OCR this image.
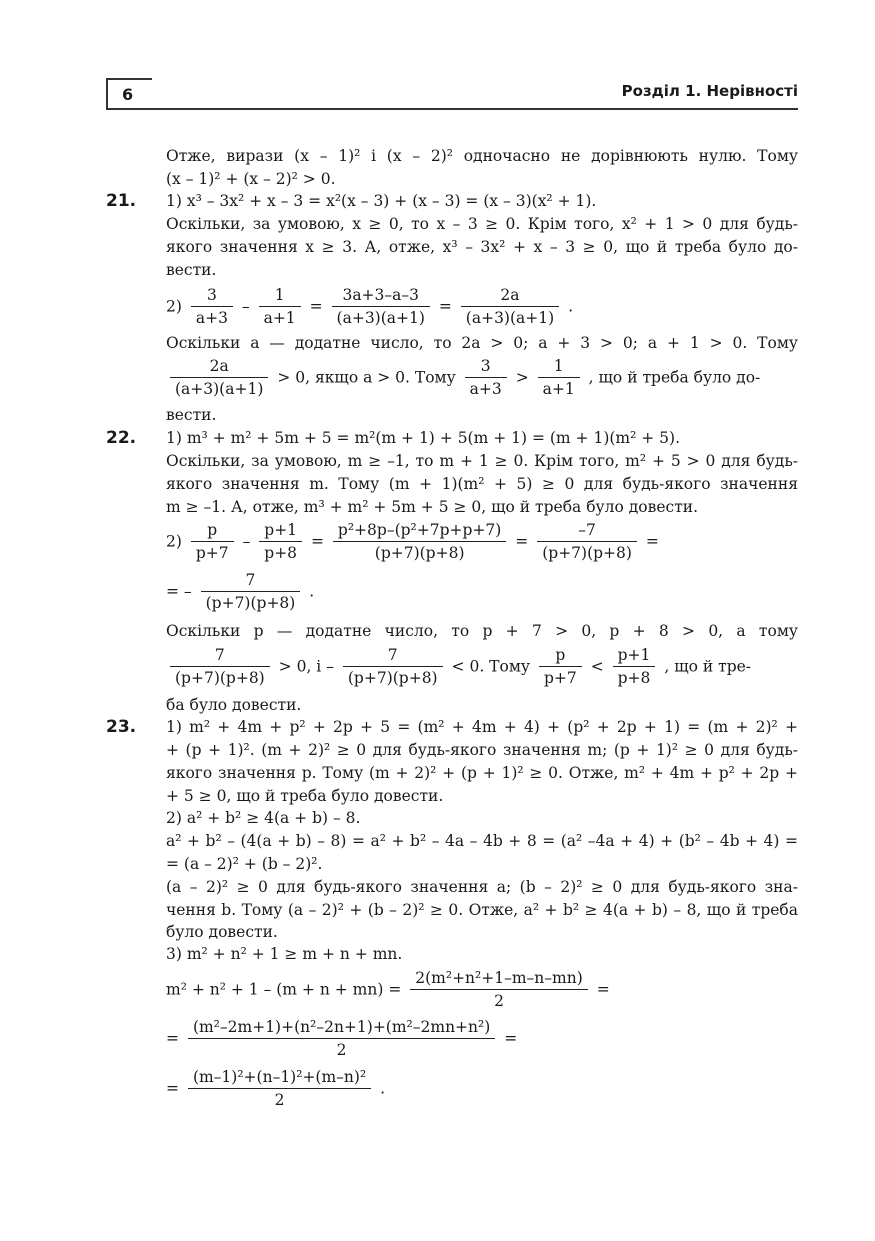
6	Розділ 1. Нерівності
Отже, вирази (x – 1)² і (x – 2)² одночасно не дорівнюють нулю. Тому
(x – 1)² + (x – 2)² > 0.
21. 1) x³ – 3x² + x – 3 = x²(x – 3) + (x – 3) = (x – 3)(x² + 1).
Оскільки, за умовою, x ≥ 0, то x – 3 ≥ 0. Крім того, x² + 1 > 0 для будь-
якого значення x ≥ 3. А, отже, x³ – 3x² + x – 3 ≥ 0, що й треба було до-
вести.
$2) \frac{3}{a+3} - \frac{1}{a+1} = \frac{3a+3-a-3}{(a+3)(a+1)} = \frac{2a}{(a+3)(a+1)}$ .
Оскільки a — додатне число, то 2a > 0; a + 3 > 0; a + 1 > 0. Тому
$\frac{2a}{(a+3)(a+1)} > 0$, якщо a > 0. Тому $\frac{3}{a+3} > \frac{1}{a+1}$ , що й треба було до-
вести.
22. 1) m³ + m² + 5m + 5 = m²(m + 1) + 5(m + 1) = (m + 1)(m² + 5).
Оскільки, за умовою, m ≥ –1, то m + 1 ≥ 0. Крім того, m² + 5 > 0 для будь-
якого значення m. Тому (m + 1)(m² + 5) ≥ 0 для будь-якого значення
m ≥ –1. А, отже, m³ + m² + 5m + 5 ≥ 0, що й треба було довести.
$2) \frac{p}{p+7} - \frac{p+1}{p+8} = \frac{\text{p²+8p–(p²+7p+p+7)}}{(p+7)(p+8)} = \frac{-7}{(p+7)(p+8)}$ =
= – $\frac{7}{(p+7)(p+8)}$ .
Оскільки p — додатне число, то p + 7 > 0, p + 8 > 0, а тому
$\frac{7}{(p+7)(p+8)} > 0$, $і - \frac{7}{(p+7)(p+8)} < 0$. Тому $\frac{p}{p+7} < \frac{p+1}{p+8}$ , що й тре-
ба було довести.
23. 1) m² + 4m + p² + 2p + 5 = (m² + 4m + 4) + (p² + 2p + 1) = (m + 2)² +
+ (p + 1)². (m + 2)² ≥ 0 для будь-якого значення m; (p + 1)² ≥ 0 для будь-
якого значення p. Тому (m + 2)² + (p + 1)² ≥ 0. Отже, m² + 4m + p² + 2p +
+ 5 ≥ 0, що й треба було довести.
2) a² + b² ≥ 4(a + b) – 8.
a² + b² – (4(a + b) – 8) = a² + b² – 4a – 4b + 8 = (a² –4a + 4) + (b² – 4b + 4) =
= (a – 2)² + (b – 2)².
(a – 2)² ≥ 0 для будь-якого значення a; (b – 2)² ≥ 0 для будь-якого зна-
чення b. Тому (a – 2)² + (b – 2)² ≥ 0. Отже, a² + b² ≥ 4(a + b) – 8, що й треба
було довести.
3) m² + n² + 1 ≥ m + n + mn.
$m^2 + n^2 + 1 - (m + n + mn) = \frac{\text{2(m²+n²+1–m–n–mn)}}{2}$ =
= $\frac{\text{(m²–2m+1)+(n²–2n+1)+(m²–2mn+n²)}}{2}$ =
= $\frac{\text{(m–1)²+(n–1)²+(m–n)²}}{2}$ .
